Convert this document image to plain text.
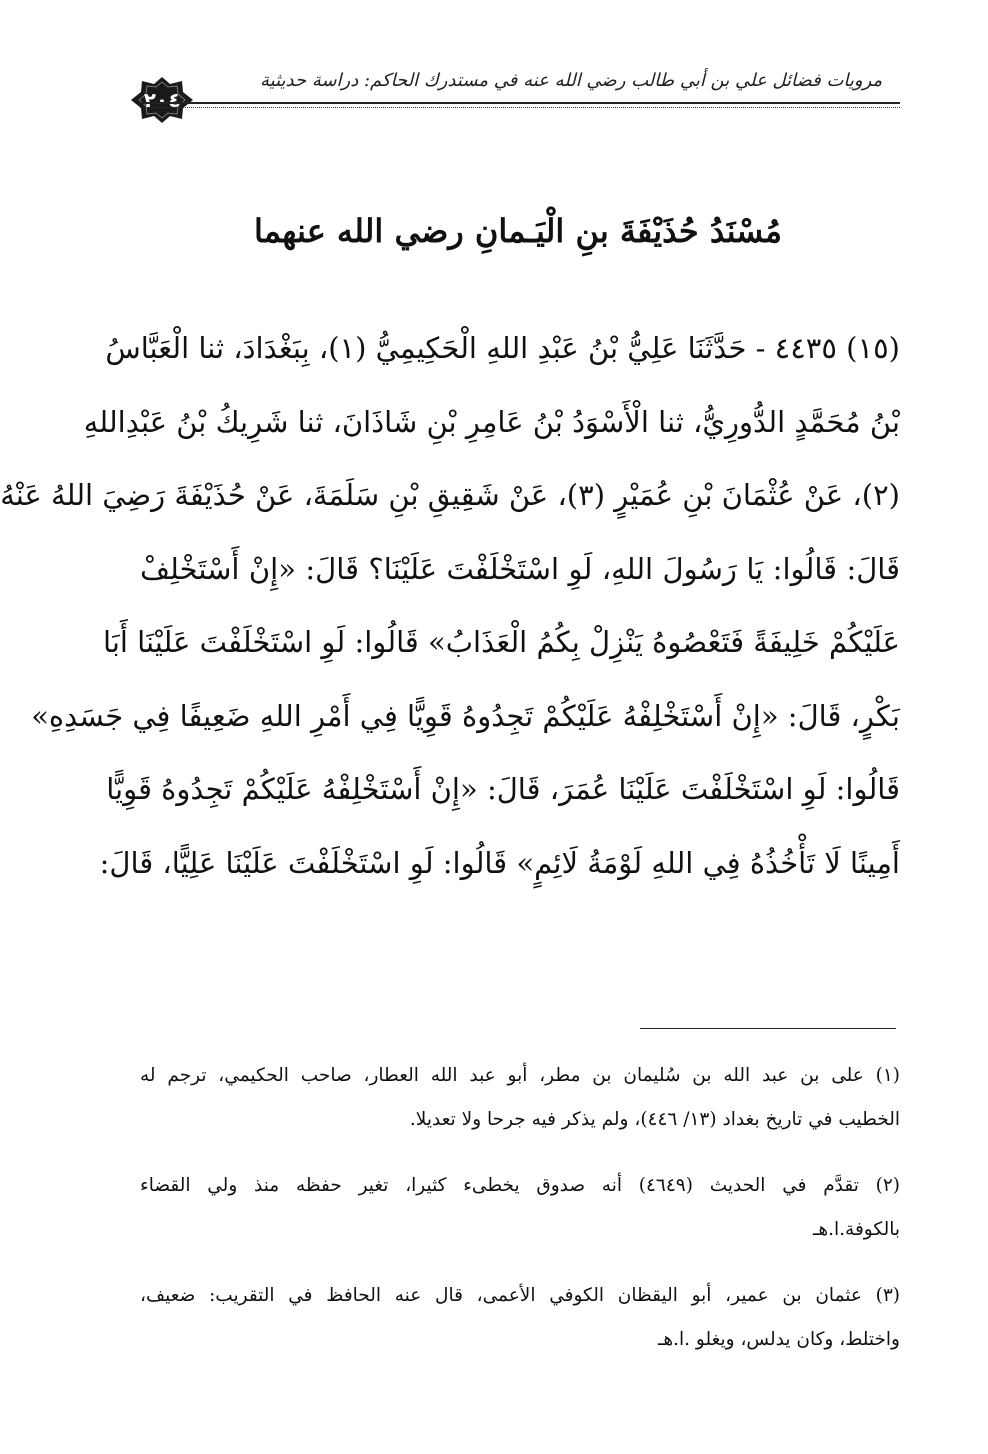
٢٠٤
مرويات فضائل علي بن أبي طالب رضي الله عنه في مستدرك الحاكم: دراسة حديثية
مُسْنَدُ حُذَيْفَةَ بنِ الْيَـمانِ رضي الله عنهما
(١٥) ٤٤٣٥ - حَدَّثَنَا عَلِيُّ بْنُ عَبْدِ اللهِ الْحَكِيمِيُّ (١)، بِبَغْدَادَ، ثنا الْعَبَّاسُ
بْنُ مُحَمَّدٍ الدُّورِيُّ، ثنا الْأَسْوَدُ بْنُ عَامِرِ بْنِ شَاذَانَ، ثنا شَرِيكُ بْنُ عَبْدِاللهِ
(٢)، عَنْ عُثْمَانَ بْنِ عُمَيْرٍ (٣)، عَنْ شَقِيقِ بْنِ سَلَمَةَ، عَنْ حُذَيْفَةَ رَضِيَ اللهُ عَنْهُ
قَالَ: قَالُوا: يَا رَسُولَ اللهِ، لَوِ اسْتَخْلَفْتَ عَلَيْنَا؟ قَالَ: «إِنْ أَسْتَخْلِفْ
عَلَيْكُمْ خَلِيفَةً فَتَعْصُوهُ يَنْزِلْ بِكُمُ الْعَذَابُ» قَالُوا: لَوِ اسْتَخْلَفْتَ عَلَيْنَا أَبَا
بَكْرٍ، قَالَ: «إِنْ أَسْتَخْلِفْهُ عَلَيْكُمْ تَجِدُوهُ قَوِيًّا فِي أَمْرِ اللهِ ضَعِيفًا فِي جَسَدِهِ»
قَالُوا: لَوِ اسْتَخْلَفْتَ عَلَيْنَا عُمَرَ، قَالَ: «إِنْ أَسْتَخْلِفْهُ عَلَيْكُمْ تَجِدُوهُ قَوِيًّا
أَمِينًا لَا تَأْخُذُهُ فِي اللهِ لَوْمَةُ لَائِمٍ» قَالُوا: لَوِ اسْتَخْلَفْتَ عَلَيْنَا عَلِيًّا، قَالَ:
(١) على بن عبد الله بن سُليمان بن مطر، أبو عبد الله العطار، صاحب الحكيمي، ترجم له
الخطيب في تاريخ بغداد (١٣/ ٤٤٦)، ولم يذكر فيه جرحا ولا تعديلا.
(٢) تقدَّم في الحديث (٤٦٤٩) أنه صدوق يخطىء كثيرا، تغير حفظه منذ ولي القضاء
بالكوفة.ا.هـ
(٣) عثمان بن عمير، أبو اليقظان الكوفي الأعمى، قال عنه الحافظ في التقريب: ضعيف،
واختلط، وكان يدلس، ويغلو .ا.هـ
